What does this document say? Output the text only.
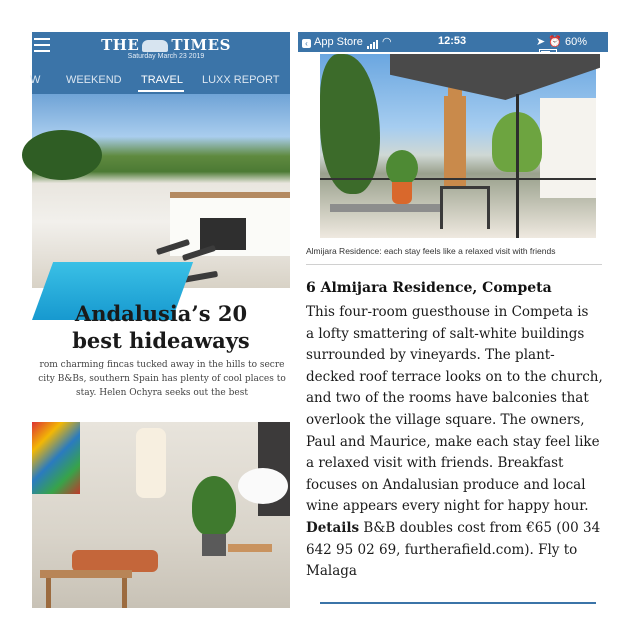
THE TIMES
Saturday March 23 2019
W WEEKEND TRAVEL LUXX REPORT
Andalusia’s 20
best hideaways
rom charming fincas tucked away in the hills to secre
city B&Bs, southern Spain has plenty of cool places to
stay. Helen Ochyra seeks out the best
‹ App Store ◠	12:53	➤ ⏰ 60%
Almijara Residence: each stay feels like a relaxed visit with friends
6 Almijara Residence, Competa
This four-room guesthouse in Competa is
a lofty smattering of salt-white buildings
surrounded by vineyards. The plant-
decked roof terrace looks on to the church,
and two of the rooms have balconies that
overlook the village square. The owners,
Paul and Maurice, make each stay feel like
a relaxed visit with friends. Breakfast
focuses on Andalusian produce and local
wine appears every night for happy hour.
Details B&B doubles cost from €65 (00 34
642 95 02 69, furtherafield.com). Fly to
Malaga
